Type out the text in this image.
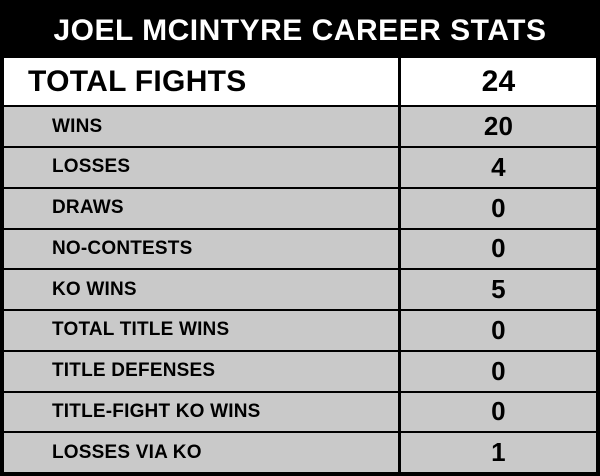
JOEL MCINTYRE CAREER STATS
TOTAL FIGHTS	24
WINS	20
LOSSES	4
DRAWS	0
NO-CONTESTS	0
KO WINS	5
TOTAL TITLE WINS	0
TITLE DEFENSES	0
TITLE-FIGHT KO WINS	0
LOSSES VIA KO	1
